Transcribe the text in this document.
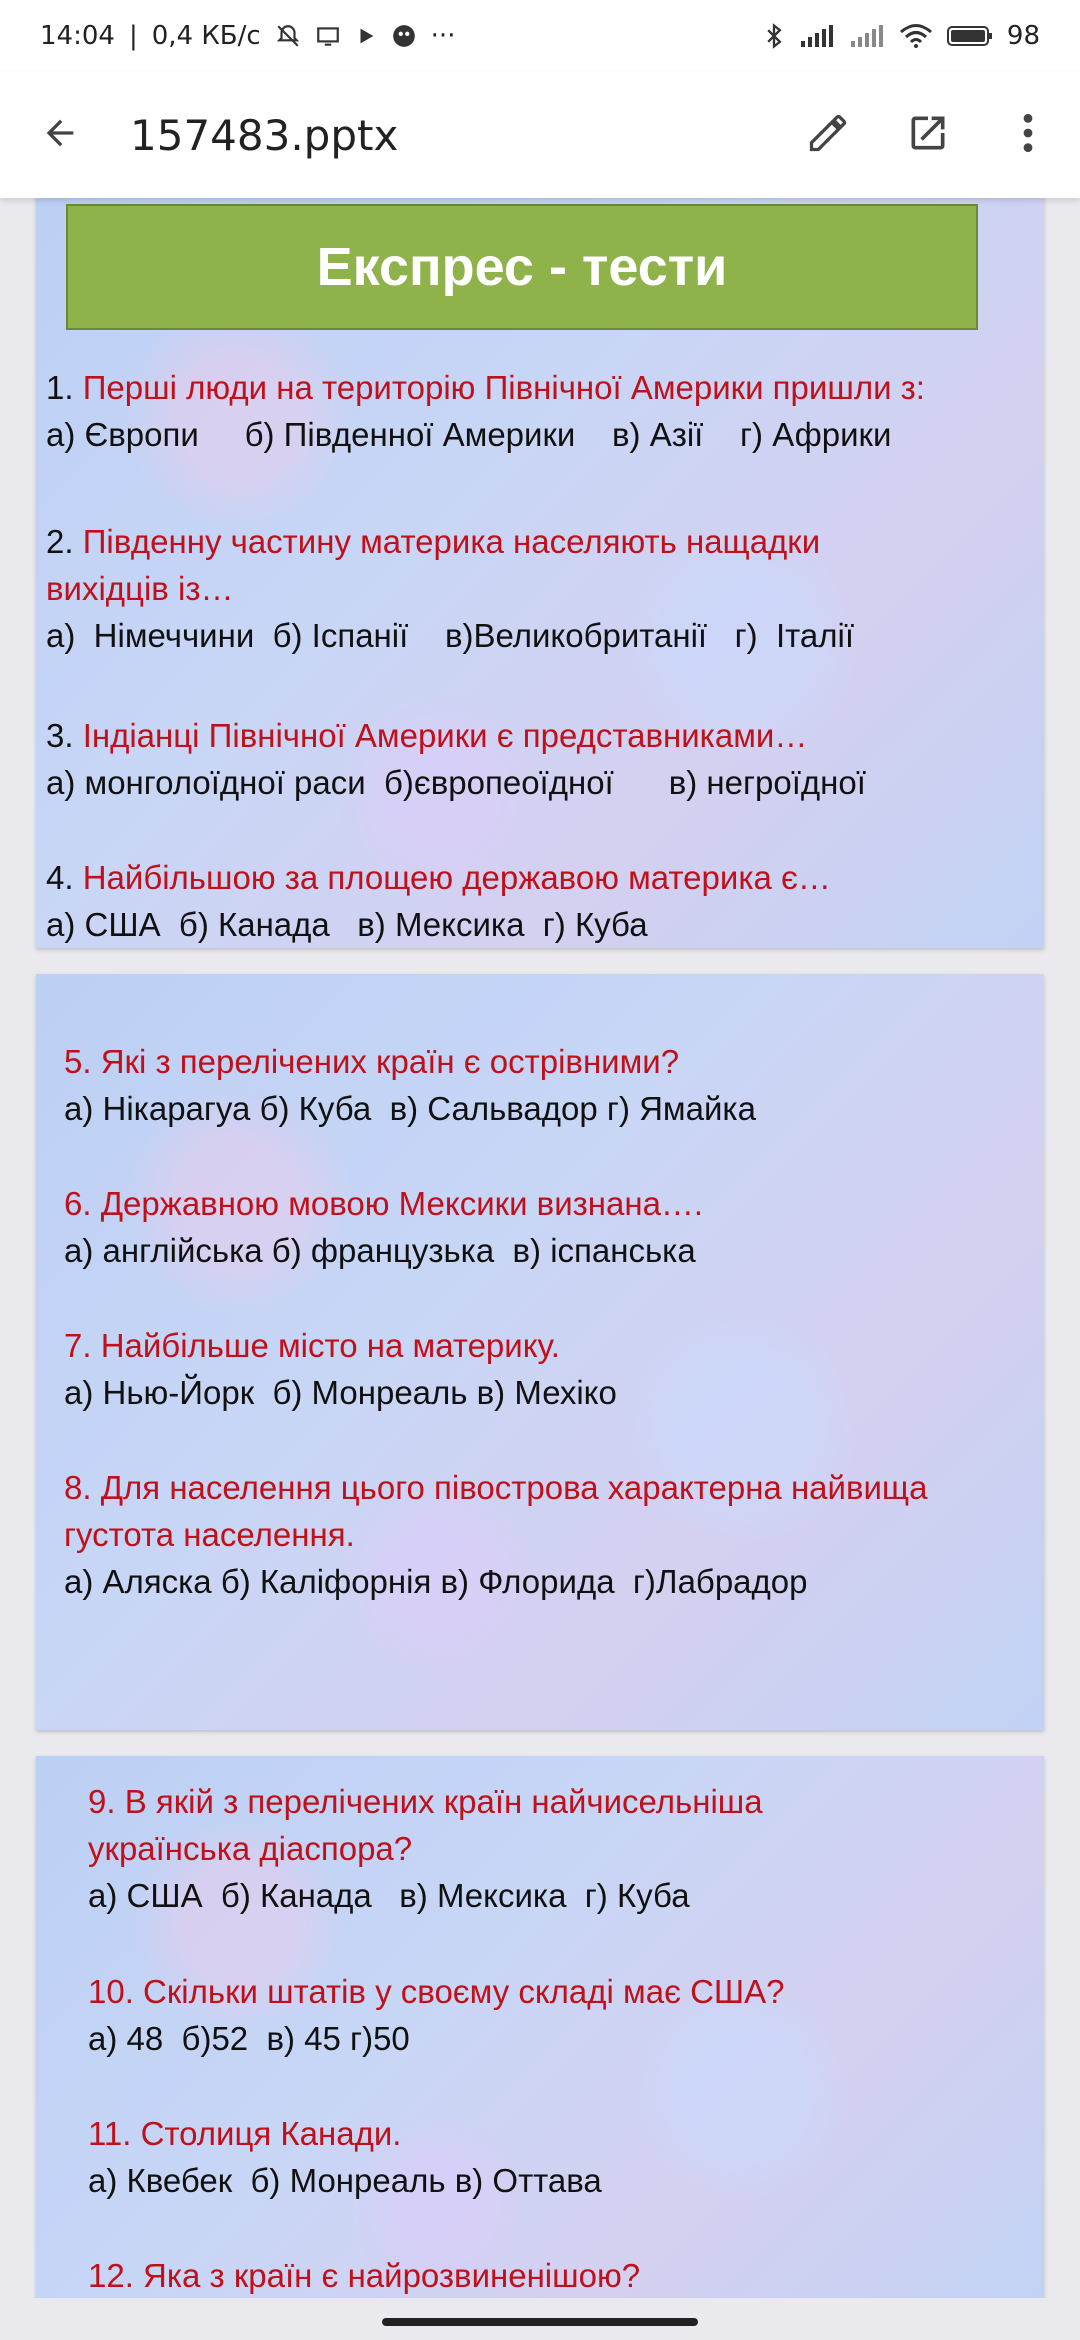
14:04 | 0,4 КБ/с	···	98
157483.pptx
Експрес - тести
1. Перші люди на територію Північної Америки пришли з:
а) Європи     б) Південної Америки    в) Азії    г) Африки
2. Південну частину материка населяють нащадки
вихідців із…
а)  Німеччини  б) Іспанії    в)Великобританії   г)  Італії
3. Індіанці Північної Америки є представниками…
а) монголоїдної раси  б)європеоїдної      в) негроїдної
4. Найбільшою за площею державою материка є…
а) США  б) Канада   в) Мексика  г) Куба
5. Які з перелічених країн є острівними?
а) Нікарагуа б) Куба  в) Сальвадор г) Ямайка
6. Державною мовою Мексики визнана….
а) англійська б) французька  в) іспанська
7. Найбільше місто на материку.
а) Нью-Йорк  б) Монреаль в) Мехіко
8. Для населення цього півострова характерна найвища
густота населення.
а) Аляска б) Каліфорнія в) Флорида  г)Лабрадор
9. В якій з перелічених країн найчисельніша
українська діаспора?
а) США  б) Канада   в) Мексика  г) Куба
10. Скільки штатів у своєму складі має США?
а) 48  б)52  в) 45 г)50
11. Столиця Канади.
а) Квебек  б) Монреаль в) Оттава
12. Яка з країн є найрозвиненішою?
